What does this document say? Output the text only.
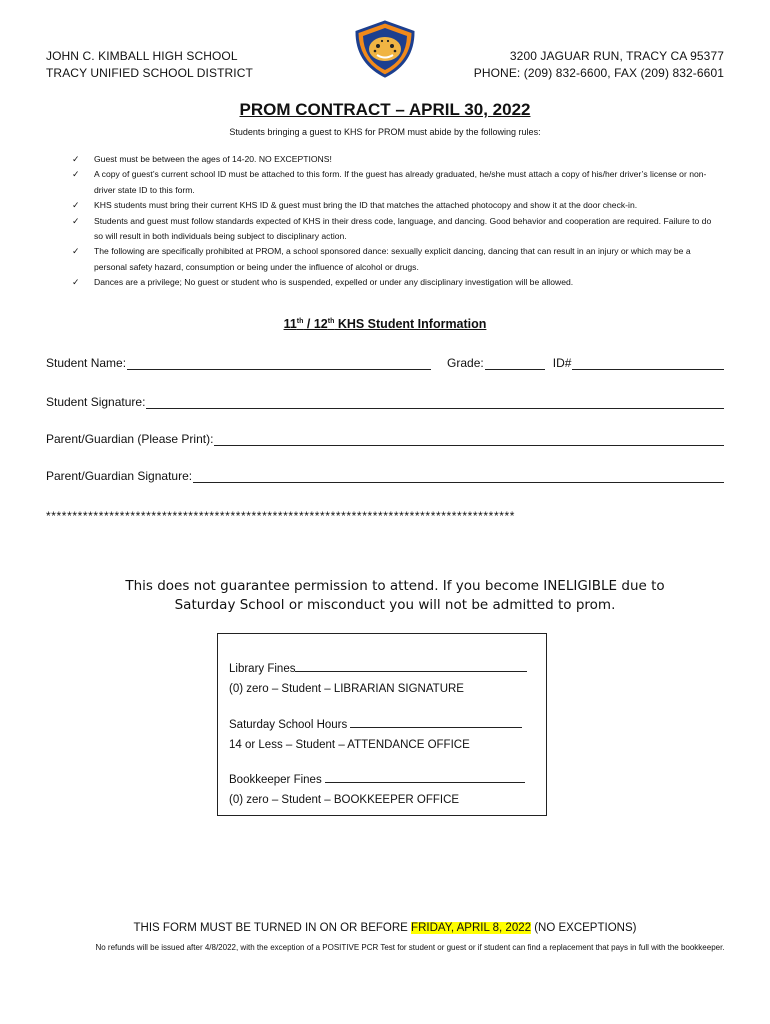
JOHN C. KIMBALL HIGH SCHOOL
TRACY UNIFIED SCHOOL DISTRICT
3200 JAGUAR RUN, TRACY CA 95377
PHONE: (209) 832-6600, FAX (209) 832-6601
PROM CONTRACT – APRIL 30, 2022
Students bringing a guest to KHS for PROM must abide by the following rules:
✓ Guest must be between the ages of 14-20. NO EXCEPTIONS!
✓ A copy of guest’s current school ID must be attached to this form. If the guest has already graduated, he/she must attach a copy of his/her driver’s license or non-driver state ID to this form.
✓ KHS students must bring their current KHS ID & guest must bring the ID that matches the attached photocopy and show it at the door check-in.
✓ Students and guest must follow standards expected of KHS in their dress code, language, and dancing. Good behavior and cooperation are required. Failure to do so will result in both individuals being subject to disciplinary action.
✓ The following are specifically prohibited at PROM, a school sponsored dance: sexually explicit dancing, dancing that can result in an injury or which may be a personal safety hazard, consumption or being under the influence of alcohol or drugs.
✓ Dances are a privilege; No guest or student who is suspended, expelled or under any disciplinary investigation will be allowed.
11th / 12th KHS Student Information
Student Name:	Grade:	ID#
Student Signature:
Parent/Guardian (Please Print):
Parent/Guardian Signature:
*****************************************************************************************
This does not guarantee permission to attend. If you become INELIGIBLE due to
Saturday School or misconduct you will not be admitted to prom.
Library Fines
(0) zero – Student – LIBRARIAN SIGNATURE
Saturday School Hours
14 or Less – Student – ATTENDANCE OFFICE
Bookkeeper Fines
(0) zero – Student – BOOKKEEPER OFFICE
THIS FORM MUST BE TURNED IN ON OR BEFORE FRIDAY, APRIL 8, 2022 (NO EXCEPTIONS)
No refunds will be issued after 4/8/2022, with the exception of a POSITIVE PCR Test for student or guest or if student can find a replacement that pays in full with the bookkeeper.
